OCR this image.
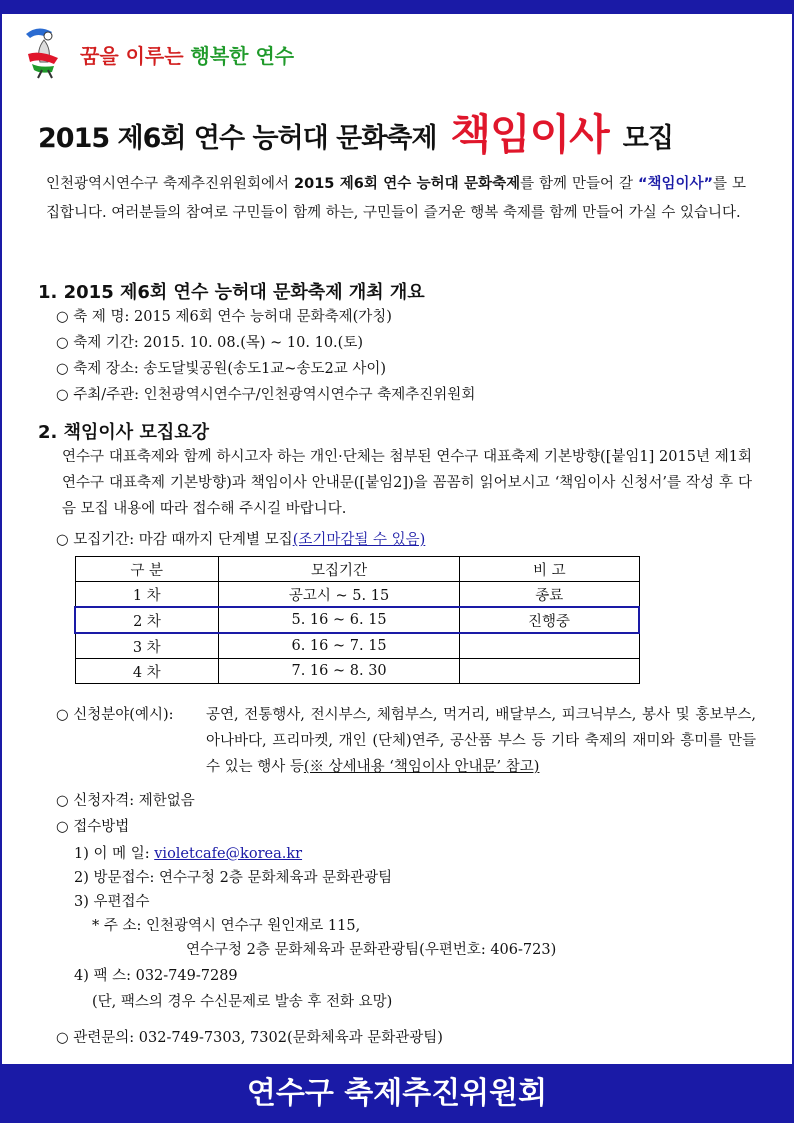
꿈을 이루는 행복한 연수
2015 제6회 연수 능허대 문화축제 책임이사 모집
인천광역시연수구 축제추진위원회에서 2015 제6회 연수 능허대 문화축제를 함께 만들어 갈 “책임이사”를 모집합니다. 여러분들의 참여로 구민들이 함께 하는, 구민들이 즐거운 행복 축제를 함께 만들어 가실 수 있습니다.
1. 2015 제6회 연수 능허대 문화축제 개최 개요
○ 축 제 명: 2015 제6회 연수 능허대 문화축제(가칭)
○ 축제 기간: 2015. 10. 08.(목) ~ 10. 10.(토)
○ 축제 장소: 송도달빛공원(송도1교~송도2교 사이)
○ 주최/주관: 인천광역시연수구/인천광역시연수구 축제추진위원회
2. 책임이사 모집요강
연수구 대표축제와 함께 하시고자 하는 개인·단체는 첨부된 연수구 대표축제 기본방향([붙임1] 2015년 제1회 연수구 대표축제 기본방향)과 책임이사 안내문([붙임2])을 꼼꼼히 읽어보시고 ‘책임이사 신청서’를 작성 후 다음 모집 내용에 따라 접수해 주시길 바랍니다.
○ 모집기간: 마감 때까지 단계별 모집(조기마감될 수 있음)
구 분	모집기간	비 고
1 차	공고시 ~ 5. 15	종료
2 차	5. 16 ~ 6. 15	진행중
3 차	6. 16 ~ 7. 15	
4 차	7. 16 ~ 8. 30	
○ 신청분야(예시): 공연, 전통행사, 전시부스, 체험부스, 먹거리, 배달부스, 피크닉부스, 봉사 및 홍보부스, 아나바다, 프리마켓, 개인 (단체)연주, 공산품 부스 등 기타 축제의 재미와 흥미를 만들 수 있는 행사 등(※ 상세내용 ‘책임이사 안내문’ 참고)
○ 신청자격: 제한없음
○ 접수방법
1) 이 메 일: violetcafe@korea.kr
2) 방문접수: 연수구청 2층 문화체육과 문화관광팀
3) 우편접수
* 주 소: 인천광역시 연수구 원인재로 115,
연수구청 2층 문화체육과 문화관광팀(우편번호: 406-723)
4) 팩 스: 032-749-7289
(단, 팩스의 경우 수신문제로 발송 후 전화 요망)
○ 관련문의: 032-749-7303, 7302(문화체육과 문화관광팀)
연수구 축제추진위원회
